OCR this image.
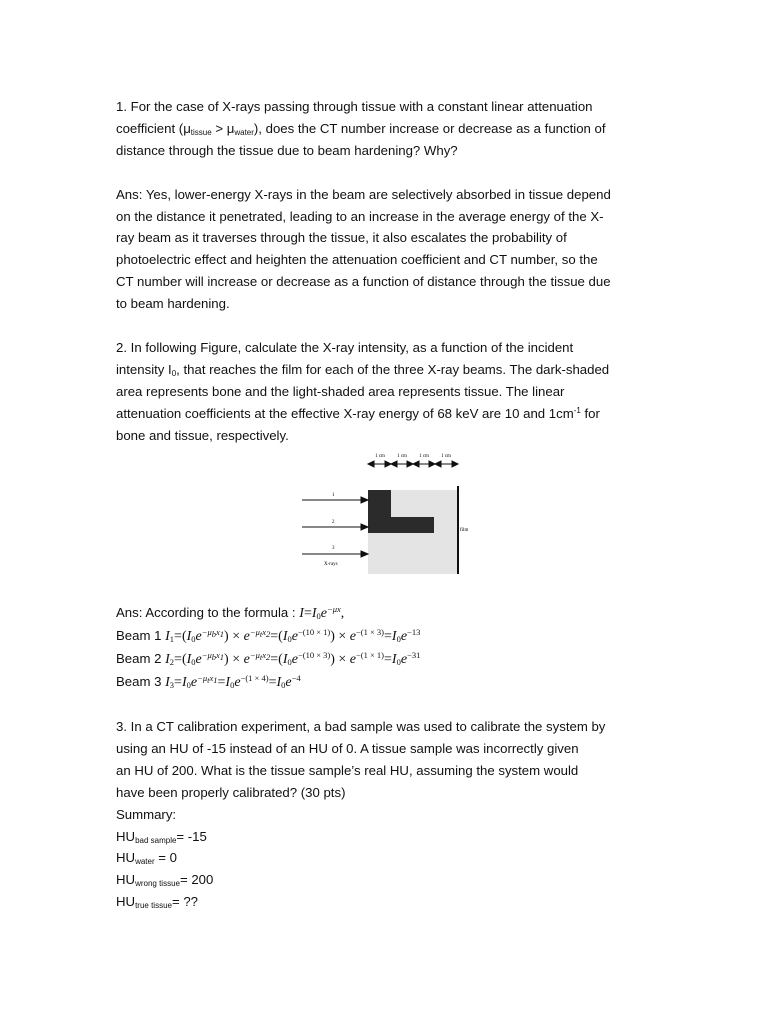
1. For the case of X-rays passing through tissue with a constant linear attenuation

coefficient $(\mu_{tissue} > \mu_{water})$, does the CT number increase or decrease as a function of

distance through the tissue due to beam hardening? Why?

Ans: Yes, lower-energy X-rays in the beam are selectively absorbed in tissue depend

on the distance it penetrated, leading to an increase in the average energy of the X-

ray beam as it traverses through the tissue, it also escalates the probability of

photoelectric effect and heighten the attenuation coefficient and CT number, so the

CT number will increase or decrease as a function of distance through the tissue due

to beam hardening.

2. In following Figure, calculate the X-ray intensity, as a function of the incident

intensity $I_0$, that reaches the film for each of the three X-ray beams. The dark-shaded

area represents bone and the light-shaded area represents tissue. The linear

attenuation coefficients at the effective X-ray energy of 68 keV are 10 and $1cm^{-1}$ for

bone and tissue, respectively.

Ans: According to the formula : $I=I_0e^{-\mu x}$,

Beam 1 $I_1=(I_0e^{-\mu_bx_1}) \times e^{-\mu_tx_2}=(I_0e^{-(10 \times 1)}) \times e^{-(1 \times 3)}=I_0e^{-13}$

Beam 2 $I_2=(I_0e^{-\mu_bx_1}) \times e^{-\mu_tx_2}=(I_0e^{-(10 \times 3)}) \times e^{-(1 \times 1)}=I_0e^{-31}$

Beam 3 $I_3=I_0e^{-\mu_tx_1}=I_0e^{-(1 \times 4)}=I_0e^{-4}$

3. In a CT calibration experiment, a bad sample was used to calibrate the system by

using an HU of -15 instead of an HU of 0. A tissue sample was incorrectly given

an HU of 200. What is the tissue sample’s real HU, assuming the system would

have been properly calibrated? (30 pts)

Summary:

$HU_{bad sample}= -15$

$HU_{water} = 0$

$HU_{wrong tissue}= 200$

$HU_{true tissue}=$ ??

1 cm 1 cm 1 cm 1 cm
1
2
3
X-rays
film
